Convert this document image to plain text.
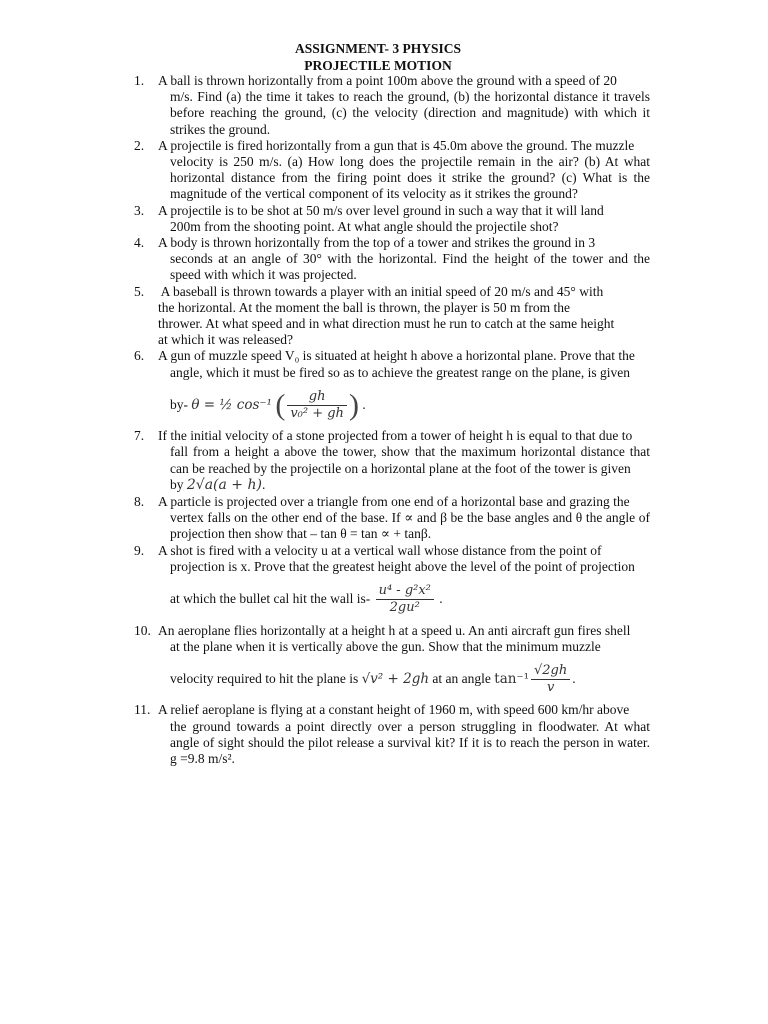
ASSIGNMENT- 3 PHYSICS
PROJECTILE MOTION
1.	A ball is thrown horizontally from a point 100m above the ground with a speed of 20
m/s. Find (a) the time it takes to reach the ground, (b) the horizontal distance it travels before reaching the ground, (c) the velocity (direction and magnitude) with which it strikes the ground.
2.	A projectile is fired horizontally from a gun that is 45.0m above the ground. The muzzle
velocity is 250 m/s. (a) How long does the projectile remain in the air? (b) At what horizontal distance from the firing point does it strike the ground? (c) What is the magnitude of the vertical component of its velocity as it strikes the ground?
3.	A projectile is to be shot at 50 m/s over level ground in such a way that it will land
200m from the shooting point. At what angle should the projectile shot?
4.	A body is thrown horizontally from the top of a tower and strikes the ground in 3
seconds at an angle of 30° with the horizontal. Find the height of the tower and the speed with which it was projected.
5.	A baseball is thrown towards a player with an initial speed of 20 m/s and 45° with
the horizontal. At the moment the ball is thrown, the player is 50 m from the
thrower. At what speed and in what direction must he run to catch at the same height
at which it was released?
6.	A gun of muzzle speed V₀ is situated at height h above a horizontal plane. Prove that the
angle, which it must be fired so as to achieve the greatest range on the plane, is given
by- θ = ½ cos⁻¹ ( $\frac{gh}{\text{v₀² + gh}}$ ) .
7.	If the initial velocity of a stone projected from a tower of height h is equal to that due to
fall from a height a above the tower, show that the maximum horizontal distance that can be reached by the projectile on a horizontal plane at the foot of the tower is given
by 2√a(a + h).
8.	A particle is projected over a triangle from one end of a horizontal base and grazing the
vertex falls on the other end of the base. If ∝ and β be the base angles and θ the angle of projection then show that – tan θ = tan ∝ + tanβ.
9.	A shot is fired with a velocity u at a vertical wall whose distance from the point of
projection is x. Prove that the greatest height above the level of the point of projection
at which the bullet cal hit the wall $is- \frac{\text{u⁴ - g²x²}}{\text{2gu²}}$ .
10. An aeroplane flies horizontally at a height h at a speed u. An anti aircraft gun fires shell
at the plane when it is vertically above the gun. Show that the minimum muzzle
velocity required to hit the plane is √v² + 2gh at an angle $\tan^{-1} \frac{√2gh}{v}$ .
11. A relief aeroplane is flying at a constant height of 1960 m, with speed 600 km/hr above
the ground towards a point directly over a person struggling in floodwater. At what angle of sight should the pilot release a survival kit? If it is to reach the person in water. g =9.8 m/s².
